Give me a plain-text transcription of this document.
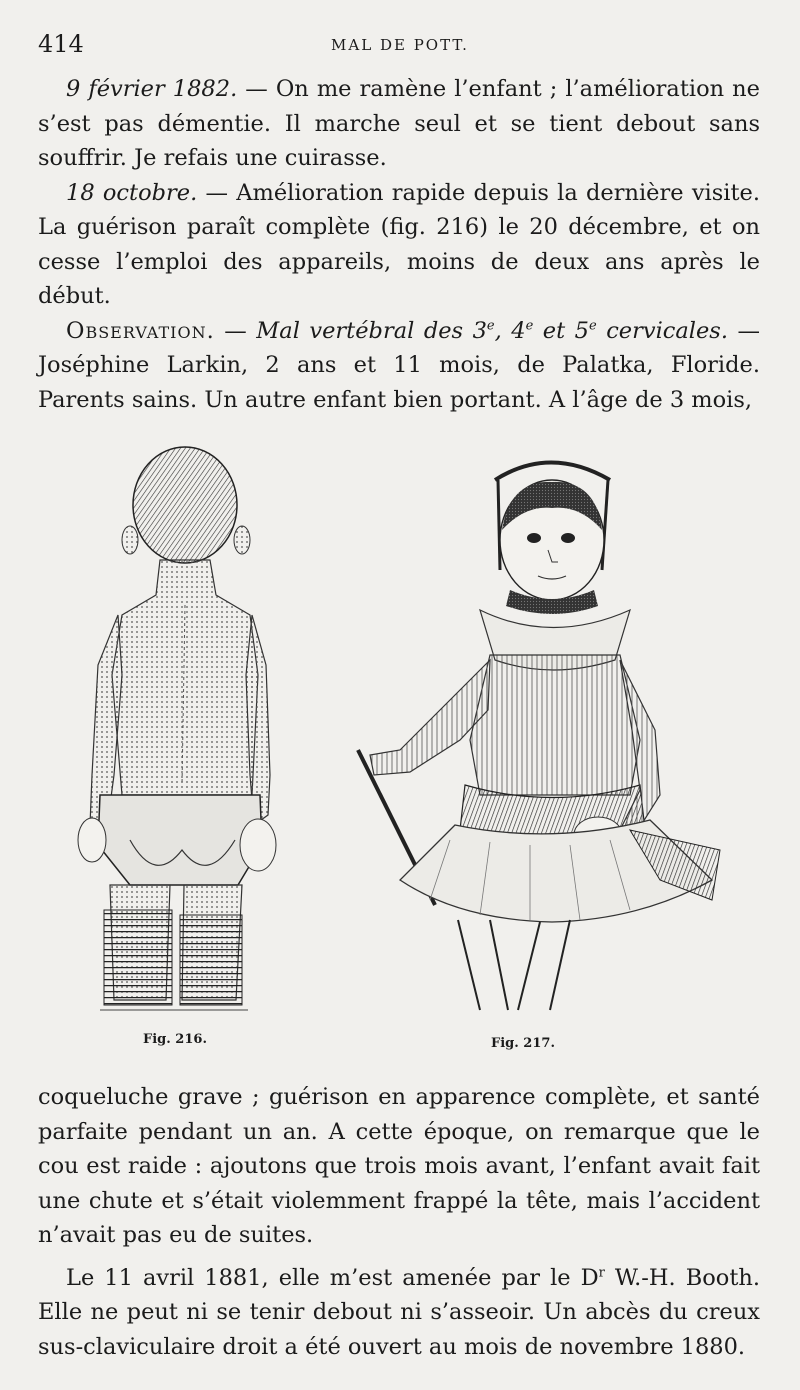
414	MAL DE POTT.

9 février 1882. — On me ramène l’enfant ; l’amélioration ne s’est pas démentie. Il marche seul et se tient debout sans souffrir. Je refais une cuirasse.

18 octobre. — Amélioration rapide depuis la dernière visite. La guérison paraît complète (fig. 216) le 20 décembre, et on cesse l’emploi des appareils, moins de deux ans après le début.

Observation. — Mal vertébral des 3e, 4e et 5e cervicales. — Joséphine Larkin, 2 ans et 11 mois, de Palatka, Floride. Parents sains. Un autre enfant bien portant. A l’âge de 3 mois,

Fig. 216.	Fig. 217.

coqueluche grave ; guérison en apparence complète, et santé parfaite pendant un an. A cette époque, on remarque que le cou est raide : ajoutons que trois mois avant, l’enfant avait fait une chute et s’était violemment frappé la tête, mais l’accident n’avait pas eu de suites.

Le 11 avril 1881, elle m’est amenée par le $D^r$ W.-H. Booth. Elle ne peut ni se tenir debout ni s’asseoir. Un abcès du creux sus-claviculaire droit a été ouvert au mois de novembre 1880.
